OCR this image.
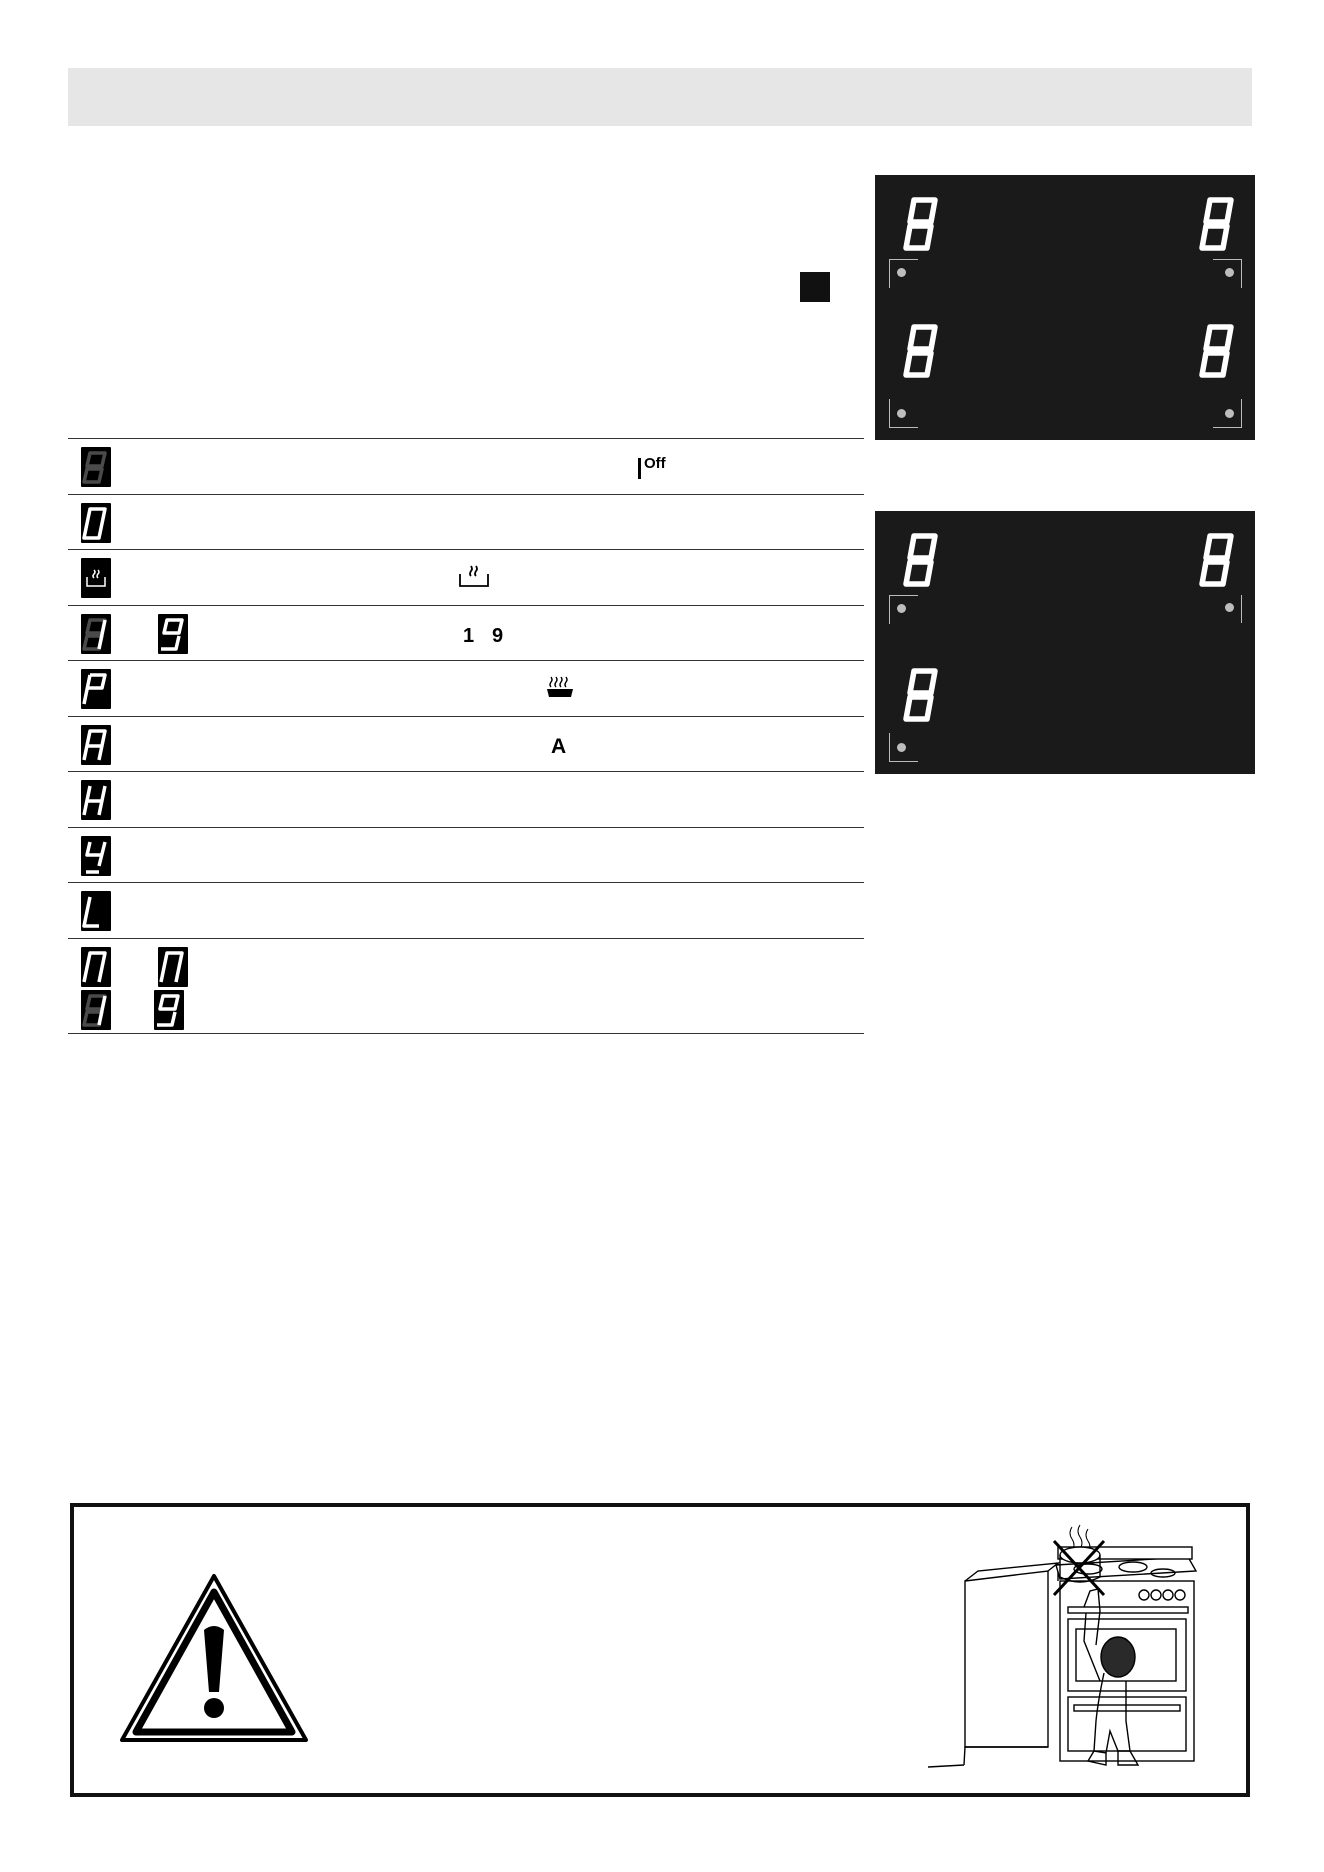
Off
1 9
A
